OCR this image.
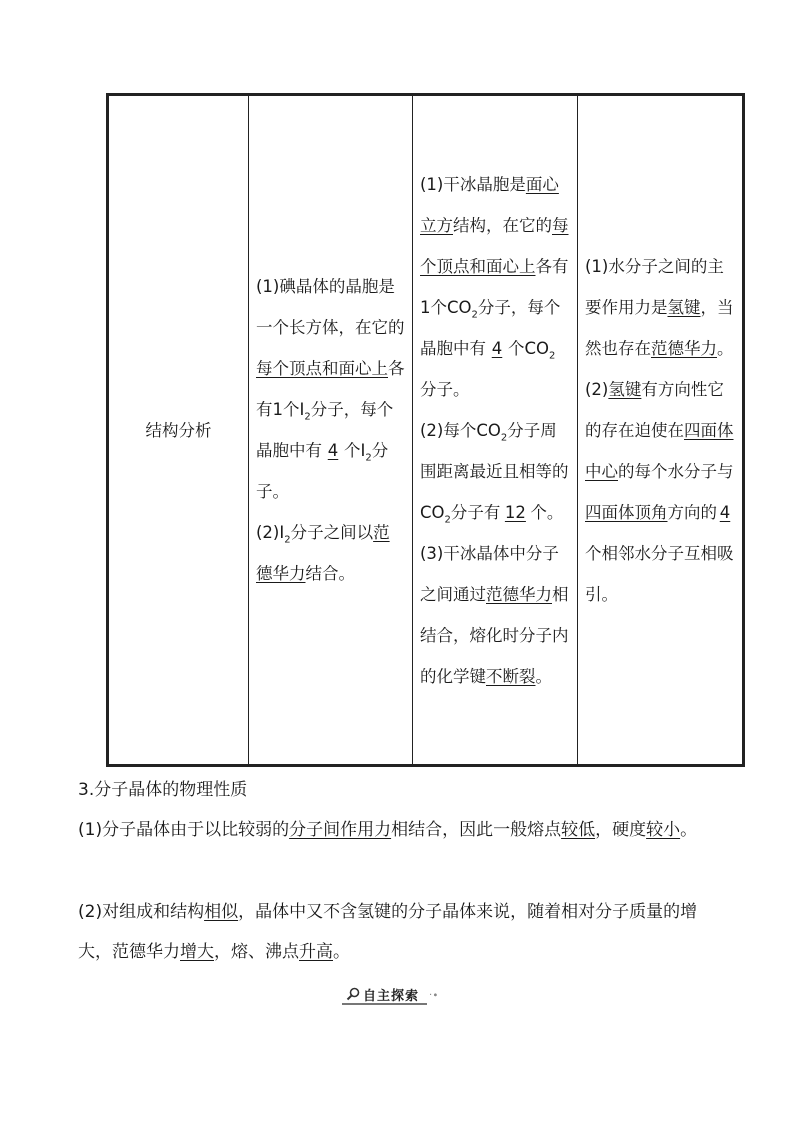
结构分析	(1)碘晶体的晶胞是一个长方体，在它的每个顶点和面心上各有1个$I_2$分子，每个晶胞中有 4 个$I_2$分子。
$(2)I_2$分子之间以范德华力结合。	(1)干冰晶胞是面心立方结构，在它的每个顶点和面心上各有1个$CO_2$分子，每个晶胞中有 4 个$CO_2$分子。
(2)每个$CO_2$分子周围距离最近且相等的$CO_2$分子有 12 个。
(3)干冰晶体中分子之间通过范德华力相结合，熔化时分子内的化学键不断裂。	(1)水分子之间的主要作用力是氢键，当然也存在范德华力。
(2)氢键有方向性它的存在迫使在四面体中心的每个水分子与四面体顶角方向的 4个相邻水分子互相吸引。
3.分子晶体的物理性质
(1)分子晶体由于以比较弱的分子间作用力相结合，因此一般熔点较低，硬度较小。
(2)对组成和结构相似，晶体中又不含氢键的分子晶体来说，随着相对分子质量的增大，范德华力增大，熔、沸点升高。
自主探索 ·∙
